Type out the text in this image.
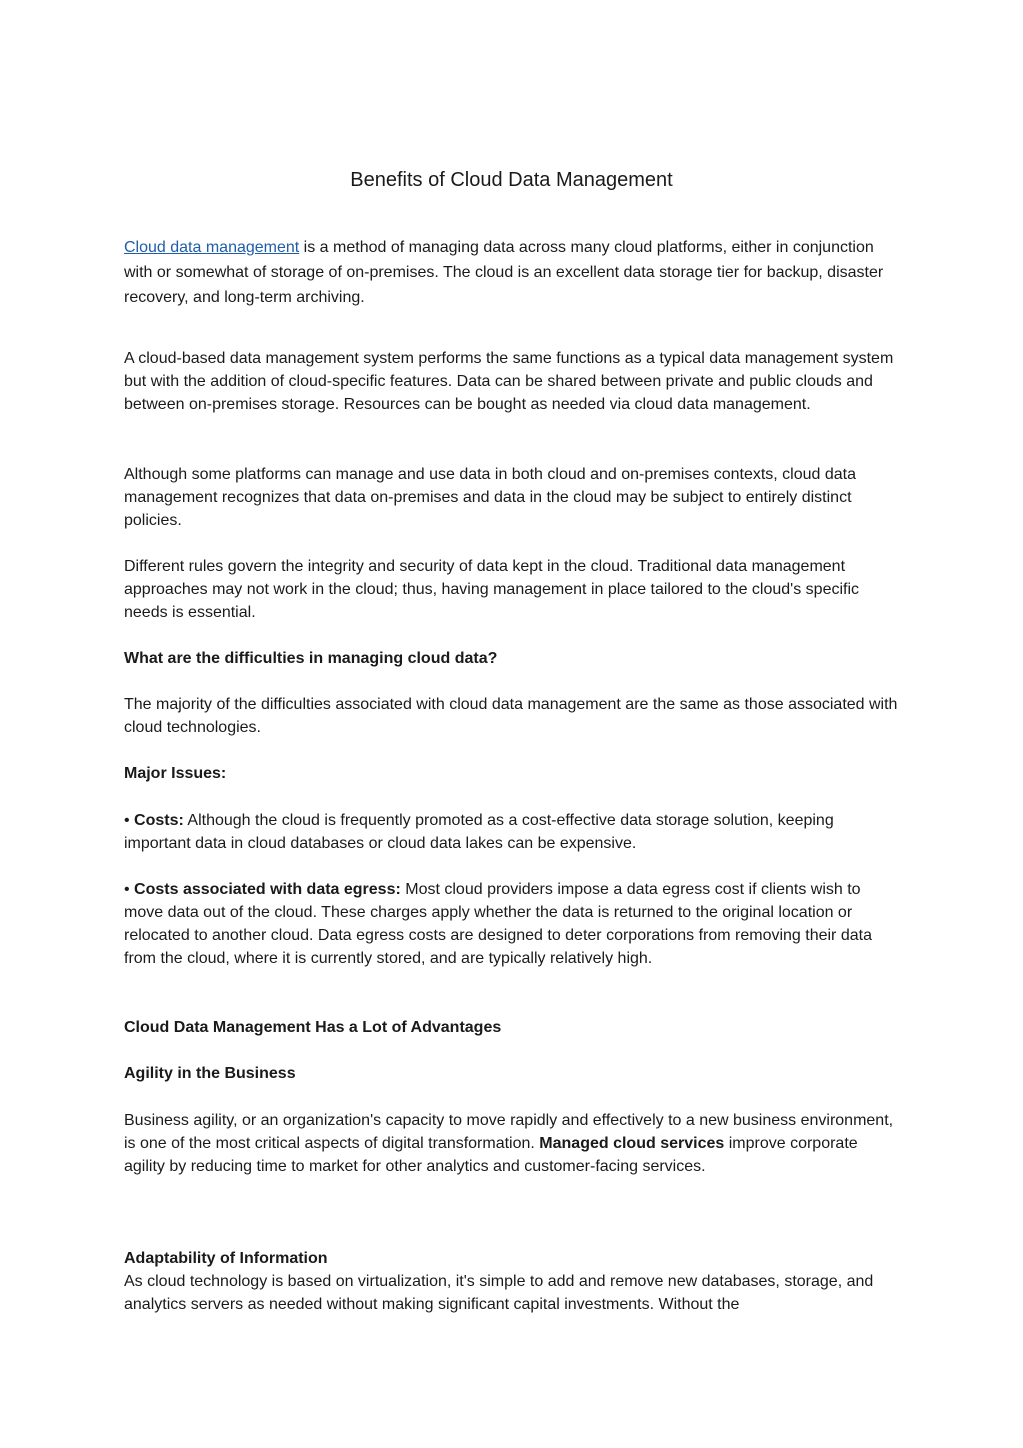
Benefits of Cloud Data Management

Cloud data management is a method of managing data across many cloud platforms, either in conjunction with or somewhat of storage of on-premises. The cloud is an excellent data storage tier for backup, disaster recovery, and long-term archiving.

A cloud-based data management system performs the same functions as a typical data management system but with the addition of cloud-specific features. Data can be shared between private and public clouds and between on-premises storage. Resources can be bought as needed via cloud data management.

Although some platforms can manage and use data in both cloud and on-premises contexts, cloud data management recognizes that data on-premises and data in the cloud may be subject to entirely distinct policies.

Different rules govern the integrity and security of data kept in the cloud. Traditional data management approaches may not work in the cloud; thus, having management in place tailored to the cloud's specific needs is essential.

What are the difficulties in managing cloud data?

The majority of the difficulties associated with cloud data management are the same as those associated with cloud technologies.

Major Issues:

• Costs: Although the cloud is frequently promoted as a cost-effective data storage solution, keeping important data in cloud databases or cloud data lakes can be expensive.

• Costs associated with data egress: Most cloud providers impose a data egress cost if clients wish to move data out of the cloud. These charges apply whether the data is returned to the original location or relocated to another cloud. Data egress costs are designed to deter corporations from removing their data from the cloud, where it is currently stored, and are typically relatively high.

Cloud Data Management Has a Lot of Advantages

Agility in the Business

Business agility, or an organization's capacity to move rapidly and effectively to a new business environment, is one of the most critical aspects of digital transformation. Managed cloud services improve corporate agility by reducing time to market for other analytics and customer-facing services.

Adaptability of Information

As cloud technology is based on virtualization, it's simple to add and remove new databases, storage, and analytics servers as needed without making significant capital investments. Without the
